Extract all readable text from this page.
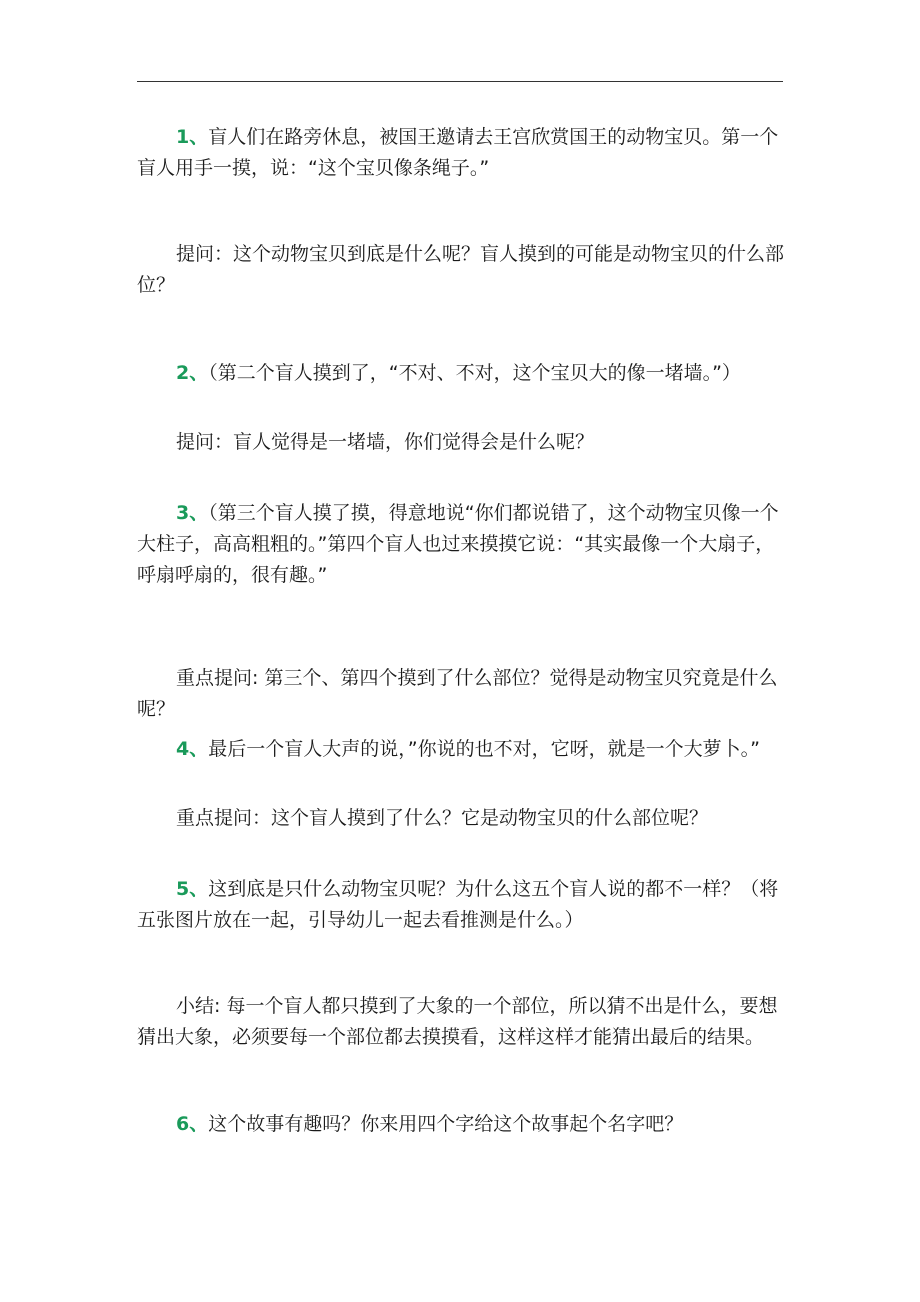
1、盲人们在路旁休息，被国王邀请去王宫欣赏国王的动物宝贝。第一个盲人用手一摸，说：“这个宝贝像条绳子。”

提问：这个动物宝贝到底是什么呢？盲人摸到的可能是动物宝贝的什么部位？

2、（第二个盲人摸到了，“不对、不对，这个宝贝大的像一堵墙。”）

提问：盲人觉得是一堵墙，你们觉得会是什么呢？

3、（第三个盲人摸了摸，得意地说“你们都说错了，这个动物宝贝像一个大柱子，高高粗粗的。”第四个盲人也过来摸摸它说：“其实最像一个大扇子，呼扇呼扇的，很有趣。”

重点提问: 第三个、第四个摸到了什么部位？觉得是动物宝贝究竟是什么呢？

4、最后一个盲人大声的说，”你说的也不对，它呀，就是一个大萝卜。”

重点提问：这个盲人摸到了什么？它是动物宝贝的什么部位呢？

5、这到底是只什么动物宝贝呢？为什么这五个盲人说的都不一样？（将五张图片放在一起，引导幼儿一起去看推测是什么。）

小结: 每一个盲人都只摸到了大象的一个部位，所以猜不出是什么，要想猜出大象，必须要每一个部位都去摸摸看，这样这样才能猜出最后的结果。

6、这个故事有趣吗？你来用四个字给这个故事起个名字吧？
